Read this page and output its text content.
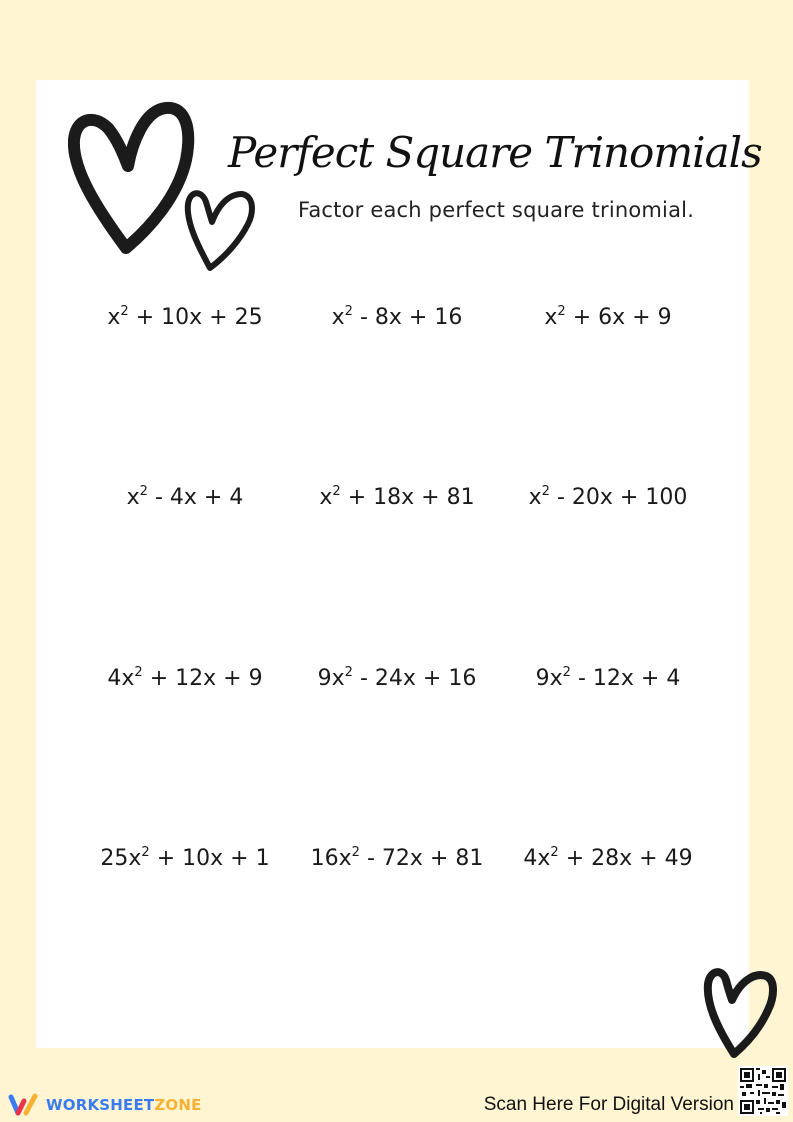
Perfect Square Trinomials
Factor each perfect square trinomial.
$x^2 + 10x + 25$	$x^2 - 8x + 16$	$x^2 + 6x + 9$
$x^2 - 4x + 4$	$x^2 + 18x + 81$	$x^2 - 20x + 100$
$4x^2 + 12x + 9$	$9x^2 - 24x + 16$	$9x^2 - 12x + 4$
$25x^2 + 10x + 1$	$16x^2 - 72x + 81$	$4x^2 + 28x + 49$
WORKSHEETZONE	Scan Here For Digital Version
